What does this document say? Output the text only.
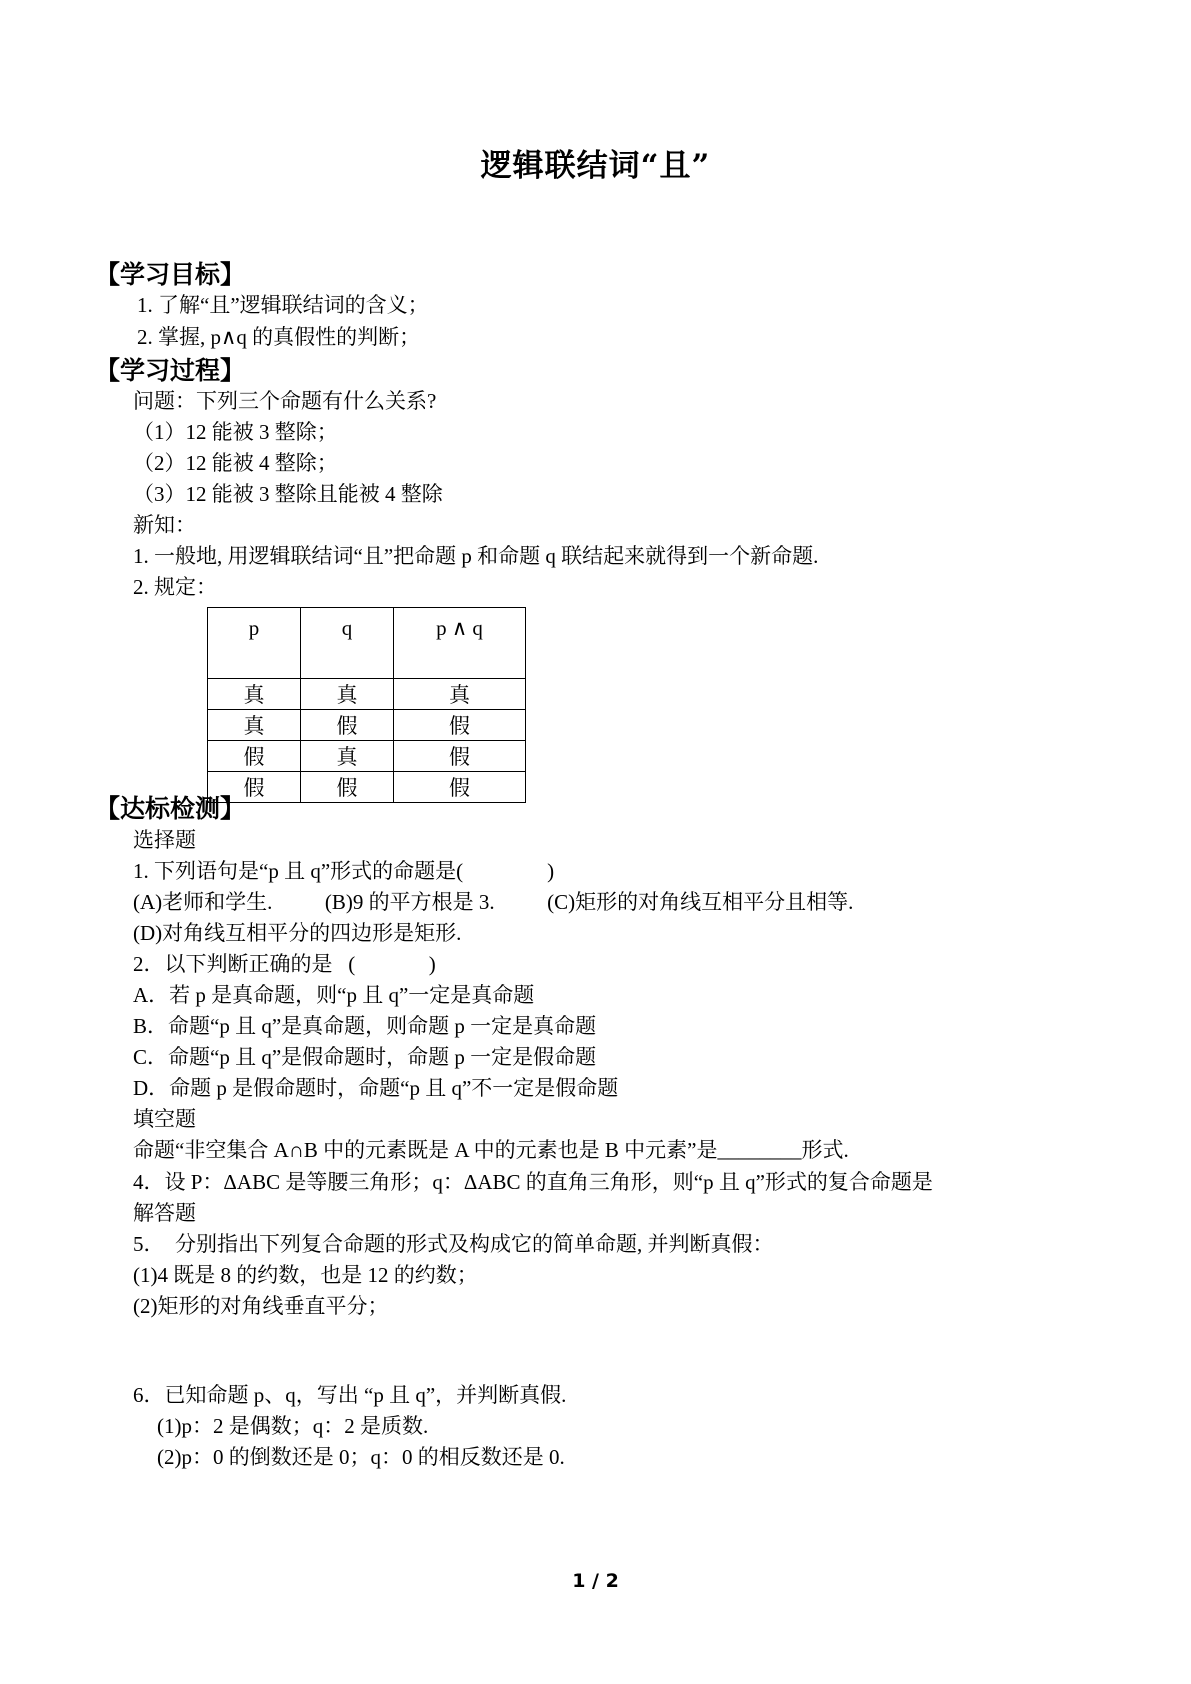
逻辑联结词“且”
【学习目标】
1. 了解“且”逻辑联结词的含义；
2. 掌握, p∧q 的真假性的判断；
【学习过程】
问题：下列三个命题有什么关系?
（1）12 能被 3 整除；
（2）12 能被 4 整除；
（3）12 能被 3 整除且能被 4 整除
新知：
1. 一般地, 用逻辑联结词“且”把命题 p 和命题 q 联结起来就得到一个新命题.
2. 规定：
p	q	p ∧ q
真	真	真
真	假	假
假	真	假
假	假	假
【达标检测】
选择题
1. 下列语句是“p 且 q”形式的命题是(                )
(A)老师和学生.          (B)9 的平方根是 3.          (C)矩形的对角线互相平分且相等.
(D)对角线互相平分的四边形是矩形.
2．以下判断正确的是   (              )
A．若 p 是真命题，则“p 且 q”一定是真命题
B．命题“p 且 q”是真命题，则命题 p 一定是真命题
C．命题“p 且 q”是假命题时，命题 p 一定是假命题
D．命题 p 是假命题时，命题“p 且 q”不一定是假命题
填空题
命题“非空集合 A∩B 中的元素既是 A 中的元素也是 B 中元素”是________形式.
4．设 P：ΔABC 是等腰三角形；q：ΔABC 的直角三角形，则“p 且 q”形式的复合命题是
解答题
5．  分别指出下列复合命题的形式及构成它的简单命题, 并判断真假：
(1)4 既是 8 的约数，也是 12 的约数；
(2)矩形的对角线垂直平分；
6．已知命题 p、q，写出 “p 且 q”，并判断真假.
(1)p：2 是偶数；q：2 是质数.
(2)p：0 的倒数还是 0；q：0 的相反数还是 0.
1 / 2
